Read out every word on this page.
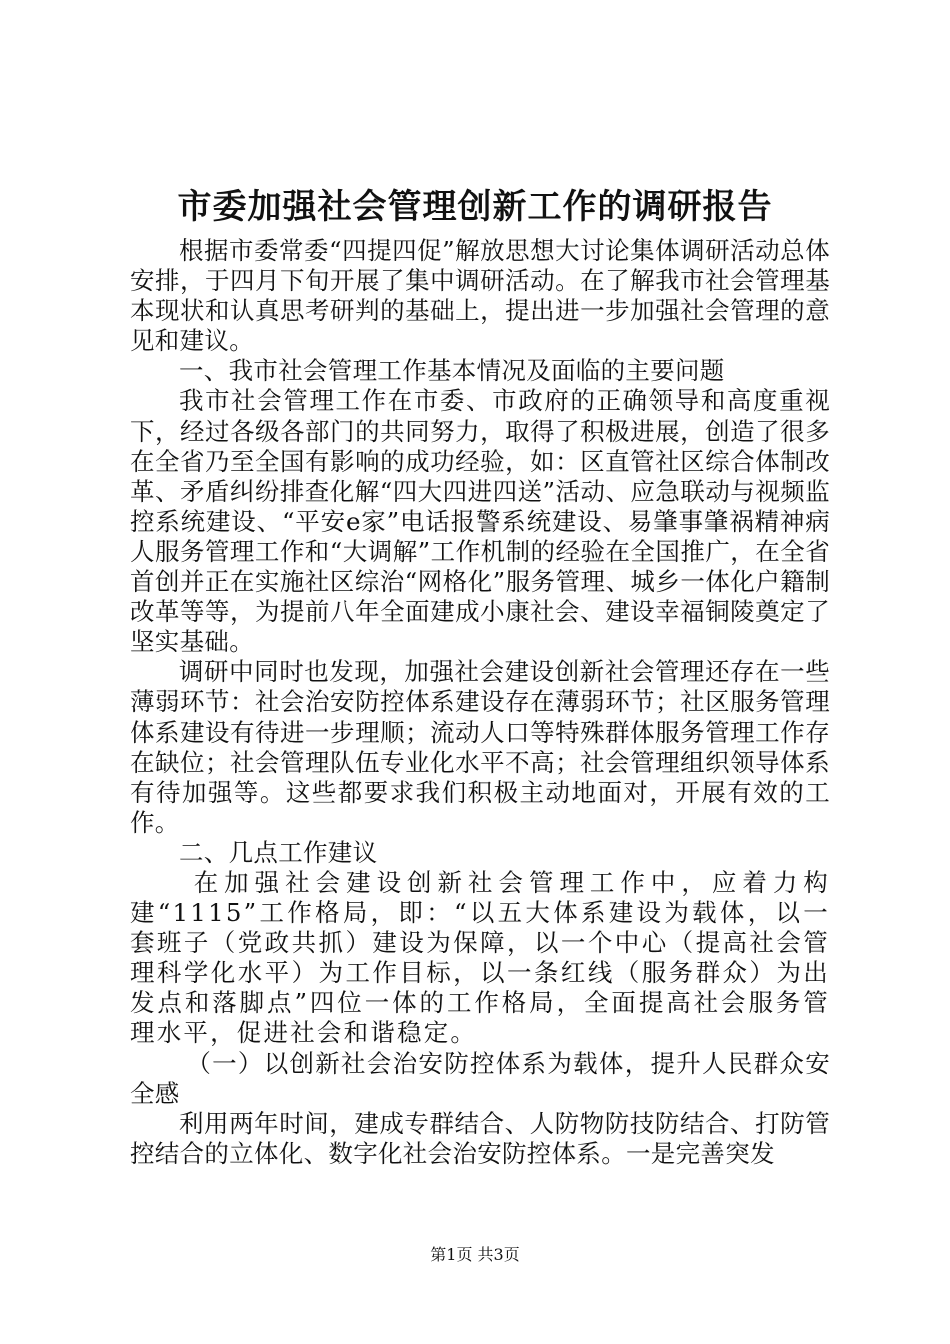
市委加强社会管理创新工作的调研报告

根据市委常委“四提四促”解放思想大讨论集体调研活动总体安排，于四月下旬开展了集中调研活动。在了解我市社会管理基本现状和认真思考研判的基础上，提出进一步加强社会管理的意见和建议。

一、我市社会管理工作基本情况及面临的主要问题

我市社会管理工作在市委、市政府的正确领导和高度重视下，经过各级各部门的共同努力，取得了积极进展，创造了很多在全省乃至全国有影响的成功经验，如：区直管社区综合体制改革、矛盾纠纷排查化解“四大四进四送”活动、应急联动与视频监控系统建设、“平安e家”电话报警系统建设、易肇事肇祸精神病人服务管理工作和“大调解”工作机制的经验在全国推广，在全省首创并正在实施社区综治“网格化”服务管理、城乡一体化户籍制改革等等，为提前八年全面建成小康社会、建设幸福铜陵奠定了坚实基础。

调研中同时也发现，加强社会建设创新社会管理还存在一些薄弱环节：社会治安防控体系建设存在薄弱环节；社区服务管理体系建设有待进一步理顺；流动人口等特殊群体服务管理工作存在缺位；社会管理队伍专业化水平不高；社会管理组织领导体系有待加强等。这些都要求我们积极主动地面对，开展有效的工作。

二、几点工作建议

在加强社会建设创新社会管理工作中，应着力构建“1115”工作格局，即：“以五大体系建设为载体，以一套班子（党政共抓）建设为保障，以一个中心（提高社会管理科学化水平）为工作目标，以一条红线（服务群众）为出发点和落脚点”四位一体的工作格局，全面提高社会服务管理水平，促进社会和谐稳定。

（一）以创新社会治安防控体系为载体，提升人民群众安全感

利用两年时间，建成专群结合、人防物防技防结合、打防管控结合的立体化、数字化社会治安防控体系。一是完善突发

第1页 共3页
